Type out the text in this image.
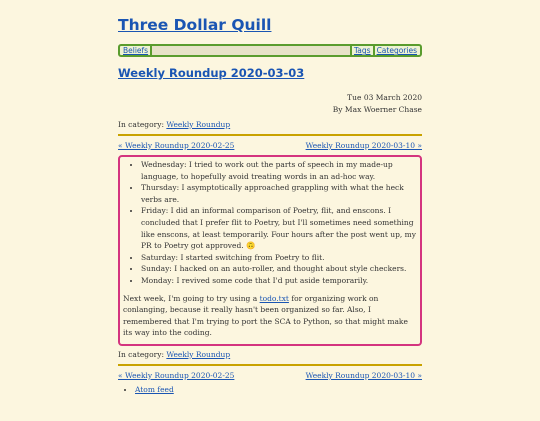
Three Dollar Quill
Beliefs	Tags Categories
Weekly Roundup 2020-03-03
Tue 03 March 2020
By Max Woerner Chase
In category: Weekly Roundup
« Weekly Roundup 2020-02-25	Weekly Roundup 2020-03-10 »
• Wednesday: I tried to work out the parts of speech in my made-up language, to hopefully avoid treating words in an ad-hoc way.
• Thursday: I asymptotically approached grappling with what the heck verbs are.
• Friday: I did an informal comparison of Poetry, flit, and enscons. I concluded that I prefer flit to Poetry, but I'll sometimes need something like enscons, at least temporarily. Four hours after the post went up, my PR to Poetry got approved. 🙃
• Saturday: I started switching from Poetry to flit.
• Sunday: I hacked on an auto-roller, and thought about style checkers.
• Monday: I revived some code that I'd put aside temporarily.

Next week, I'm going to try using a todo.txt for organizing work on conlanging, because it really hasn't been organized so far. Also, I remembered that I'm trying to port the SCA to Python, so that might make its way into the coding.

In category: Weekly Roundup
« Weekly Roundup 2020-02-25	Weekly Roundup 2020-03-10 »
• Atom feed
